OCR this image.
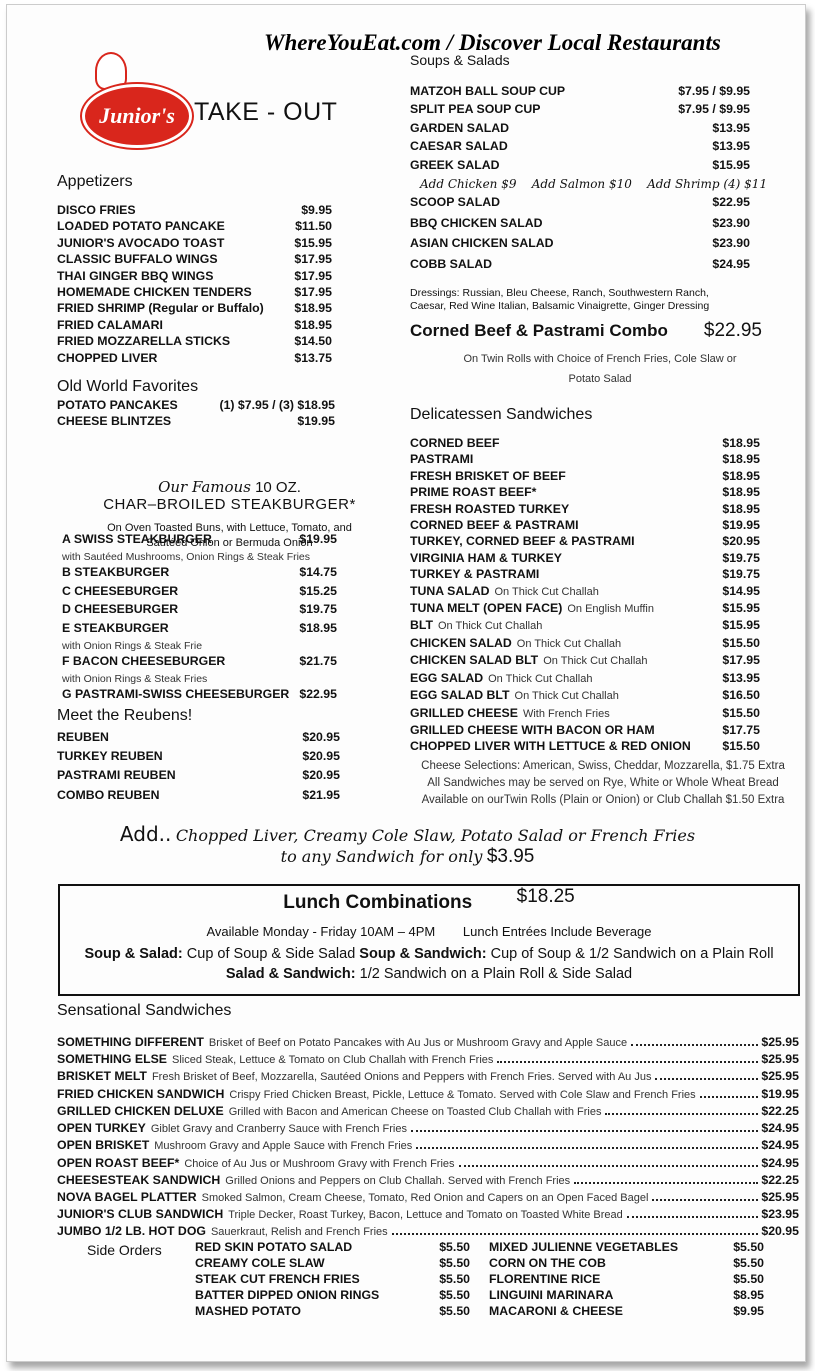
WhereYouEat.com / Discover Local Restaurants
Junior's TAKE - OUT
Appetizers
DISCO FRIES	$9.95
LOADED POTATO PANCAKE	$11.50
JUNIOR'S AVOCADO TOAST	$15.95
CLASSIC BUFFALO WINGS	$17.95
THAI GINGER BBQ WINGS	$17.95
HOMEMADE CHICKEN TENDERS	$17.95
FRIED SHRIMP (Regular or Buffalo) $18.95
FRIED CALAMARI	$18.95
FRIED MOZZARELLA STICKS	$14.50
CHOPPED LIVER	$13.75
Old World Favorites
POTATO PANCAKES	(1) $7.95 / (3) $18.95
CHEESE BLINTZES	$19.95
Our Famous 10 OZ.
CHAR–BROILED STEAKBURGER*
On Oven Toasted Buns, with Lettuce, Tomato, and Sautéed Onion or Bermuda Onion
A SWISS STEAKBURGER	$19.95
with Sautéed Mushrooms, Onion Rings & Steak Fries
B STEAKBURGER	$14.75
C CHEESEBURGER	$15.25
D CHEESEBURGER	$19.75
E STEAKBURGER	$18.95
with Onion Rings & Steak Frie
F BACON CHEESEBURGER	$21.75
with Onion Rings & Steak Fries
G PASTRAMI-SWISS CHEESEBURGER $22.95
Meet the Reubens!
REUBEN	$20.95
TURKEY REUBEN	$20.95
PASTRAMI REUBEN	$20.95
COMBO REUBEN	$21.95
Soups & Salads
MATZOH BALL SOUP CUP	$7.95 / $9.95
SPLIT PEA SOUP CUP	$7.95 / $9.95
GARDEN SALAD	$13.95
CAESAR SALAD	$13.95
GREEK SALAD	$15.95
Add Chicken $9    Add Salmon $10    Add Shrimp (4) $11
SCOOP SALAD	$22.95
BBQ CHICKEN SALAD	$23.90
ASIAN CHICKEN SALAD	$23.90
COBB SALAD	$24.95
Dressings: Russian, Bleu Cheese, Ranch, Southwestern Ranch,
Caesar, Red Wine Italian, Balsamic Vinaigrette, Ginger Dressing
Corned Beef & Pastrami Combo $22.95
On Twin Rolls with Choice of French Fries, Cole Slaw or
Potato Salad
Delicatessen Sandwiches
CORNED BEEF	$18.95
PASTRAMI	$18.95
FRESH BRISKET OF BEEF	$18.95
PRIME ROAST BEEF*	$18.95
FRESH ROASTED TURKEY	$18.95
CORNED BEEF & PASTRAMI	$19.95
TURKEY, CORNED BEEF & PASTRAMI	$20.95
VIRGINIA HAM & TURKEY	$19.75
TURKEY & PASTRAMI	$19.75
TUNA SALAD On Thick Cut Challah	$14.95
TUNA MELT (OPEN FACE) On English Muffin	$15.95
BLT On Thick Cut Challah	$15.95
CHICKEN SALAD On Thick Cut Challah	$15.50
CHICKEN SALAD BLT On Thick Cut Challah	$17.95
EGG SALAD On Thick Cut Challah	$13.95
EGG SALAD BLT On Thick Cut Challah	$16.50
GRILLED CHEESE With French Fries	$15.50
GRILLED CHEESE WITH BACON OR HAM	$17.75
CHOPPED LIVER WITH LETTUCE & RED ONION	$15.50
Cheese Selections: American, Swiss, Cheddar, Mozzarella, $1.75 Extra
All Sandwiches may be served on Rye, White or Whole Wheat Bread
Available on ourTwin Rolls (Plain or Onion) or Club Challah $1.50 Extra
Add.. Chopped Liver, Creamy Cole Slaw, Potato Salad or French Fries
to any Sandwich for only $3.95
Lunch Combinations $18.25
Available Monday - Friday 10AM – 4PM Lunch Entrées Include Beverage
Soup & Salad: Cup of Soup & Side Salad Soup & Sandwich: Cup of Soup & 1/2 Sandwich on a Plain Roll
Salad & Sandwich: 1/2 Sandwich on a Plain Roll & Side Salad
Sensational Sandwiches
SOMETHING DIFFERENT Brisket of Beef on Potato Pancakes with Au Jus or Mushroom Gravy and Apple Sauce	$25.95
SOMETHING ELSE Sliced Steak, Lettuce & Tomato on Club Challah with French Fries	$25.95
BRISKET MELT Fresh Brisket of Beef, Mozzarella, Sautéed Onions and Peppers with French Fries. Served with Au Jus	$25.95
FRIED CHICKEN SANDWICH Crispy Fried Chicken Breast, Pickle, Lettuce & Tomato. Served with Cole Slaw and French Fries	$19.95
GRILLED CHICKEN DELUXE Grilled with Bacon and American Cheese on Toasted Club Challah with Fries	$22.25
OPEN TURKEY Giblet Gravy and Cranberry Sauce with French Fries	$24.95
OPEN BRISKET Mushroom Gravy and Apple Sauce with French Fries	$24.95
OPEN ROAST BEEF* Choice of Au Jus or Mushroom Gravy with French Fries	$24.95
CHEESESTEAK SANDWICH Grilled Onions and Peppers on Club Challah. Served with French Fries	$22.25
NOVA BAGEL PLATTER Smoked Salmon, Cream Cheese, Tomato, Red Onion and Capers on an Open Faced Bagel	$25.95
JUNIOR'S CLUB SANDWICH Triple Decker, Roast Turkey, Bacon, Lettuce and Tomato on Toasted White Bread	$23.95
JUMBO 1/2 LB. HOT DOG Sauerkraut, Relish and French Fries	$20.95
Side Orders	RED SKIN POTATO SALAD	$5.50
CREAMY COLE SLAW	$5.50
STEAK CUT FRENCH FRIES	$5.50
BATTER DIPPED ONION RINGS	$5.50
MASHED POTATO	$5.50
MIXED JULIENNE VEGETABLES	$5.50
CORN ON THE COB	$5.50
FLORENTINE RICE	$5.50
LINGUINI MARINARA	$8.95
MACARONI & CHEESE	$9.95
